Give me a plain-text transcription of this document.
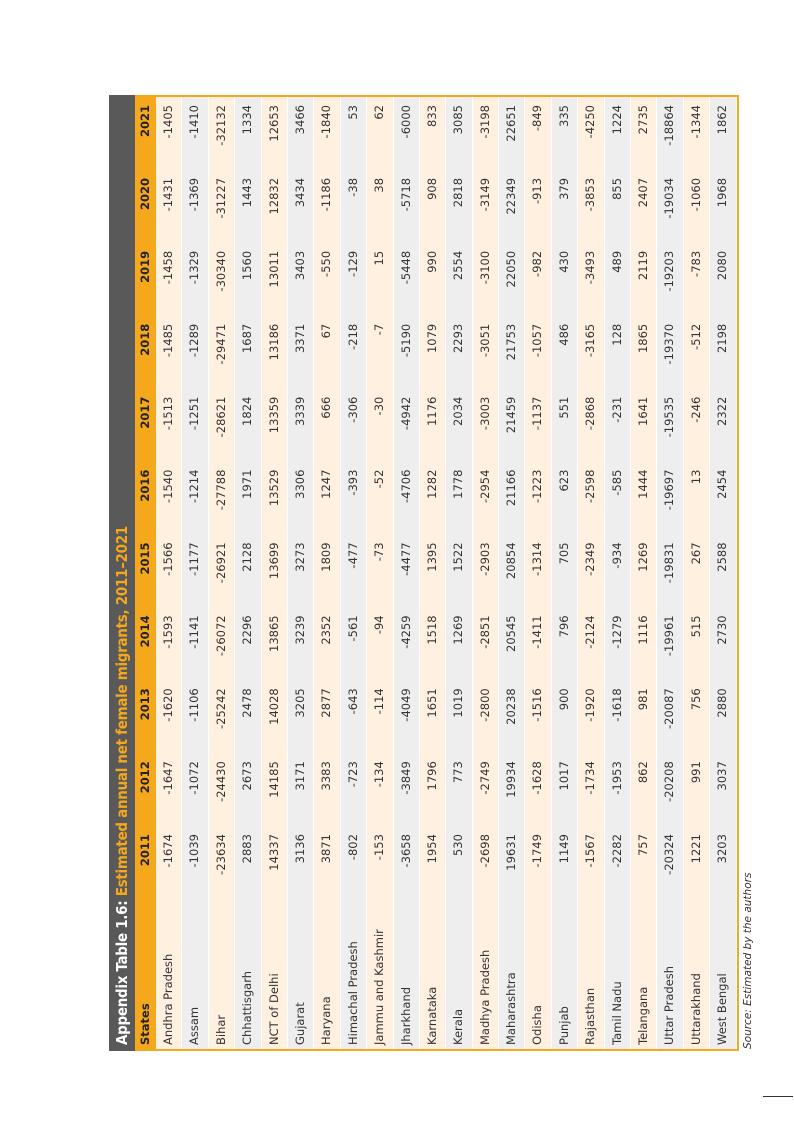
Appendix Table 1.6: Estimated annual net female migrants, 2011–2021
States
2011
2012
2013
2014
2015
2016
2017
2018
2019
2020
2021
Andhra Pradesh
-1674
-1647
-1620
-1593
-1566
-1540
-1513
-1485
-1458
-1431
-1405
Assam
-1039
-1072
-1106
-1141
-1177
-1214
-1251
-1289
-1329
-1369
-1410
Bihar
-23634
-24430
-25242
-26072
-26921
-27788
-28621
-29471
-30340
-31227
-32132
Chhattisgarh
2883
2673
2478
2296
2128
1971
1824
1687
1560
1443
1334
NCT of Delhi
14337
14185
14028
13865
13699
13529
13359
13186
13011
12832
12653
Gujarat
3136
3171
3205
3239
3273
3306
3339
3371
3403
3434
3466
Haryana
3871
3383
2877
2352
1809
1247
666
67
-550
-1186
-1840
Himachal Pradesh
-802
-723
-643
-561
-477
-393
-306
-218
-129
-38
53
Jammu and Kashmir
-153
-134
-114
-94
-73
-52
-30
-7
15
38
62
Jharkhand
-3658
-3849
-4049
-4259
-4477
-4706
-4942
-5190
-5448
-5718
-6000
Karnataka
1954
1796
1651
1518
1395
1282
1176
1079
990
908
833
Kerala
530
773
1019
1269
1522
1778
2034
2293
2554
2818
3085
Madhya Pradesh
-2698
-2749
-2800
-2851
-2903
-2954
-3003
-3051
-3100
-3149
-3198
Maharashtra
19631
19934
20238
20545
20854
21166
21459
21753
22050
22349
22651
Odisha
-1749
-1628
-1516
-1411
-1314
-1223
-1137
-1057
-982
-913
-849
Punjab
1149
1017
900
796
705
623
551
486
430
379
335
Rajasthan
-1567
-1734
-1920
-2124
-2349
-2598
-2868
-3165
-3493
-3853
-4250
Tamil Nadu
-2282
-1953
-1618
-1279
-934
-585
-231
128
489
855
1224
Telangana
757
862
981
1116
1269
1444
1641
1865
2119
2407
2735
Uttar Pradesh
-20324
-20208
-20087
-19961
-19831
-19697
-19535
-19370
-19203
-19034
-18864
Uttarakhand
1221
991
756
515
267
13
-246
-512
-783
-1060
-1344
West Bengal
3203
3037
2880
2730
2588
2454
2322
2198
2080
1968
1862
Source: Estimated by the authors
